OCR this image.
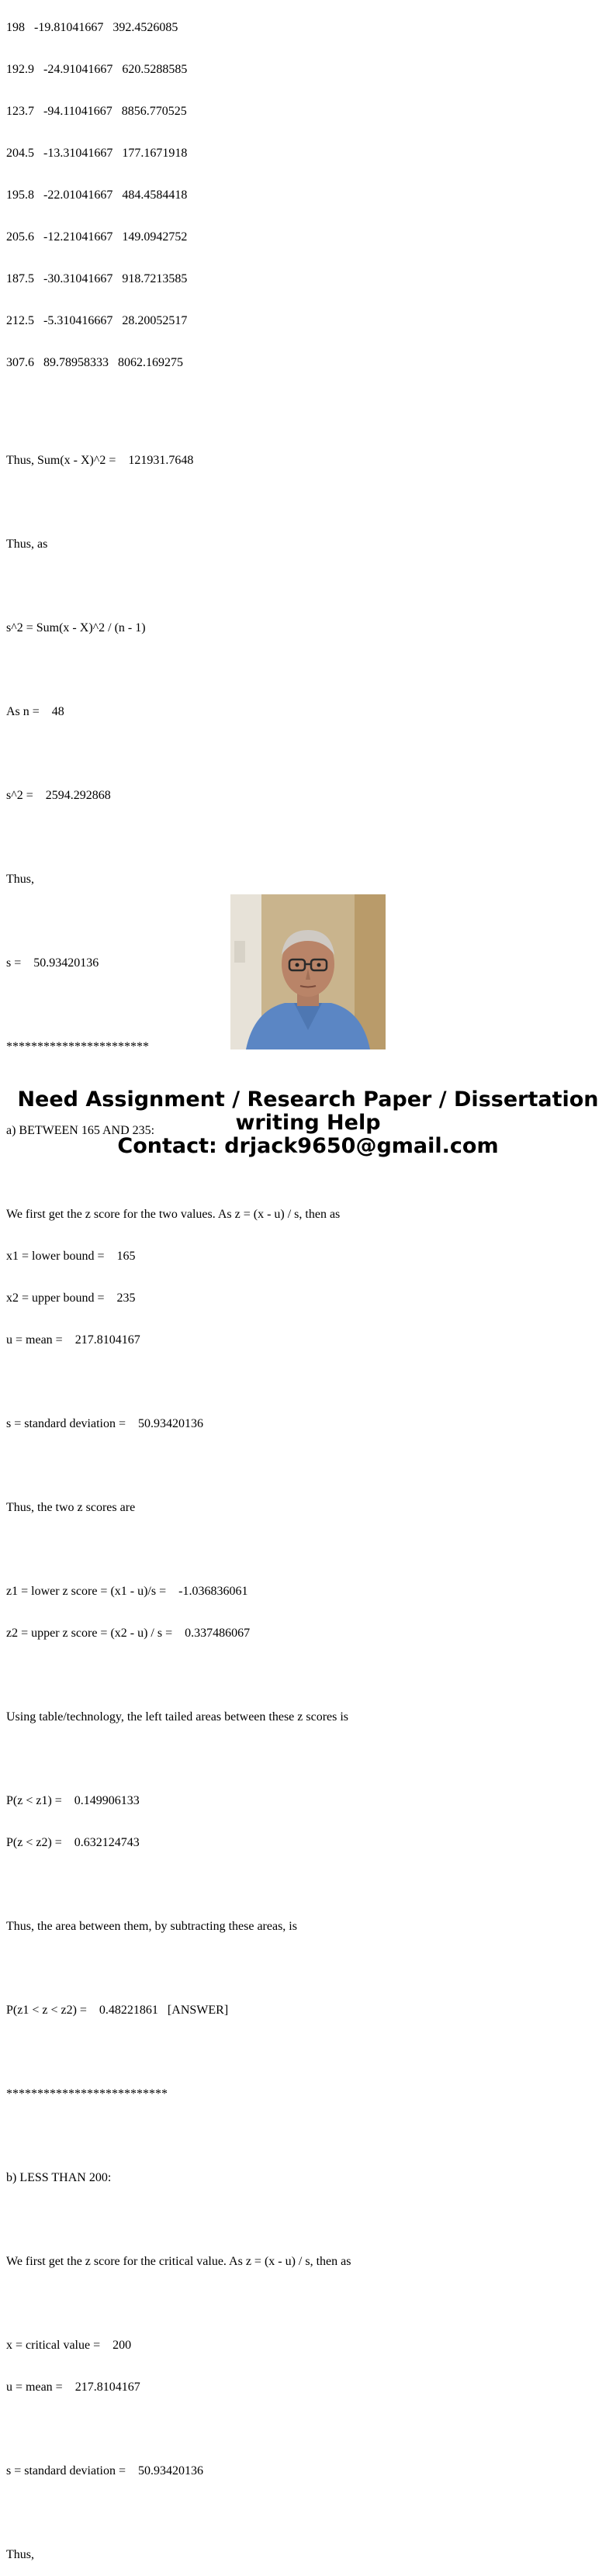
198   -19.81041667   392.4526085

192.9   -24.91041667   620.5288585

123.7   -94.11041667   8856.770525

204.5   -13.31041667   177.1671918

195.8   -22.01041667   484.4584418

205.6   -12.21041667   149.0942752

187.5   -30.31041667   918.7213585

212.5   -5.310416667   28.20052517

307.6   89.78958333   8062.169275

Thus, Sum(x - X)^2 =    121931.7648

Thus, as

s^2 = Sum(x - X)^2 / (n - 1)

As n =    48

s^2 =    2594.292868

Thus,

s =    50.93420136

***********************

a) BETWEEN 165 AND 235:

We first get the z score for the two values. As z = (x - u) / s, then as

x1 = lower bound =    165

x2 = upper bound =    235

u = mean =    217.8104167

s = standard deviation =    50.93420136

Thus, the two z scores are

z1 = lower z score = (x1 - u)/s =    -1.036836061

z2 = upper z score = (x2 - u) / s =    0.337486067

Using table/technology, the left tailed areas between these z scores is

P(z < z1) =    0.149906133

P(z < z2) =    0.632124743

Thus, the area between them, by subtracting these areas, is

P(z1 < z < z2) =    0.48221861   [ANSWER]

**************************

b) LESS THAN 200:

We first get the z score for the critical value. As z = (x - u) / s, then as

x = critical value =    200

u = mean =    217.8104167

s = standard deviation =    50.93420136

Thus,

Need Assignment / Research Paper / Dissertation
writing Help
Contact: drjack9650@gmail.com
